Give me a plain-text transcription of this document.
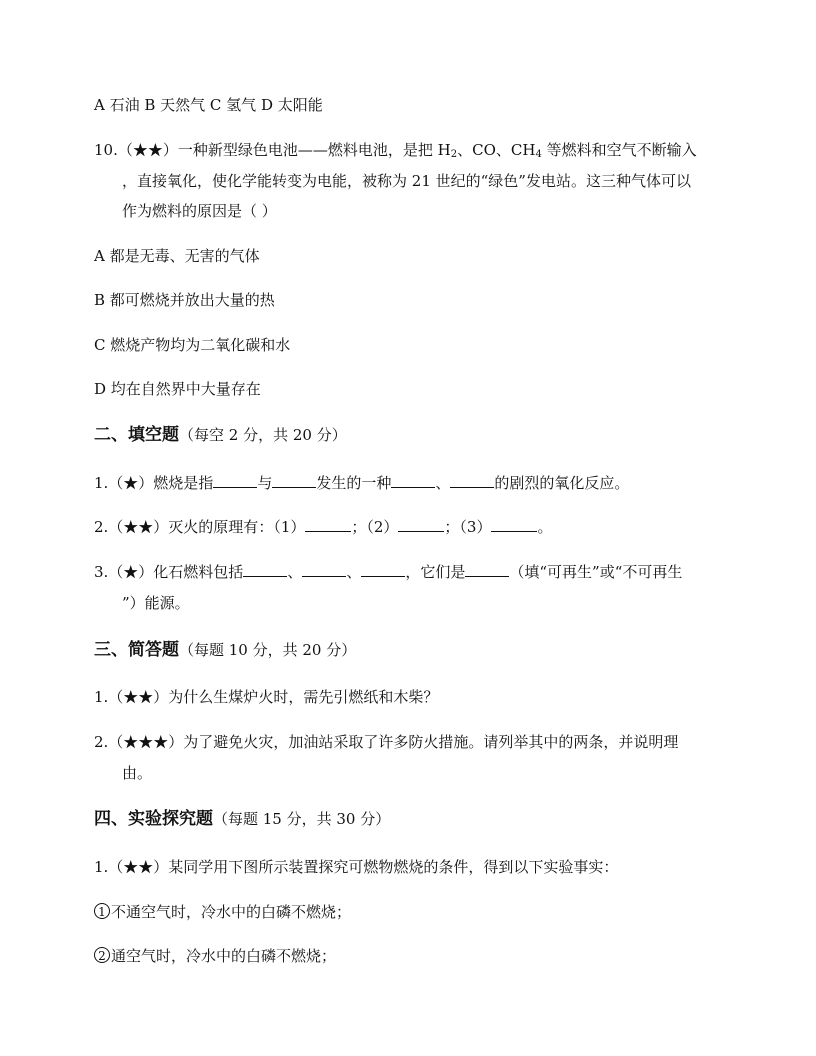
A 石油 B 天然气 C 氢气 D 太阳能
10.（★★）一种新型绿色电池——燃料电池，是把 $H_2$、CO、$CH_4$ 等燃料和空气不断输入
，直接氧化，使化学能转变为电能，被称为 21 世纪的“绿色”发电站。这三种气体可以
作为燃料的原因是（ ）
A 都是无毒、无害的气体
B 都可燃烧并放出大量的热
C 燃烧产物均为二氧化碳和水
D 均在自然界中大量存在
二、填空题（每空 2 分，共 20 分）
1.（★）燃烧是指	与	发生的一种	、	的剧烈的氧化反应。
2.（★★）灭火的原理有：（1）	；（2）	；（3）	。
3.（★）化石燃料包括	、	、	，它们是	（填“可再生”或“不可再生
”）能源。
三、简答题（每题 10 分，共 20 分）
1.（★★）为什么生煤炉火时，需先引燃纸和木柴？
2.（★★★）为了避免火灾，加油站采取了许多防火措施。请列举其中的两条，并说明理
由。
四、实验探究题（每题 15 分，共 30 分）
1.（★★）某同学用下图所示装置探究可燃物燃烧的条件，得到以下实验事实：
1 不通空气时，冷水中的白磷不燃烧；
2 通空气时，冷水中的白磷不燃烧；
